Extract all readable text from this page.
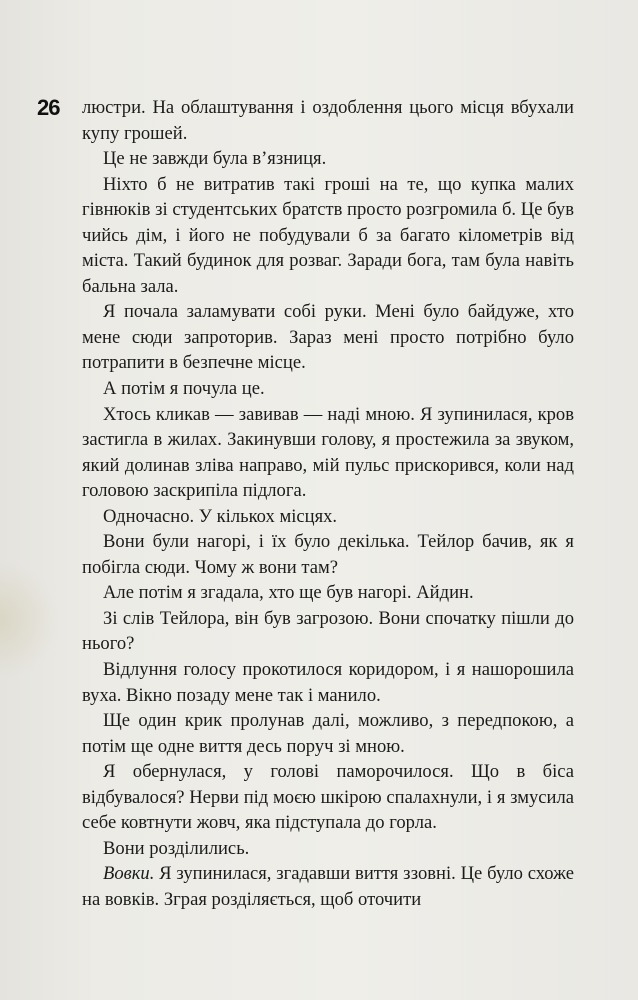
26 люстри. На облаштування і оздоблення цього місця вбухали купу грошей.

Це не завжди була в’язниця.

Ніхто б не витратив такі гроші на те, що купка малих гівнюків зі студентських братств просто розгромила б. Це був чийсь дім, і його не побудували б за багато кілометрів від міста. Такий будинок для розваг. Заради бога, там була навіть бальна зала.

Я почала заламувати собі руки. Мені було байдуже, хто мене сюди запроторив. Зараз мені просто потрібно було потрапити в безпечне місце.

А потім я почула це.

Хтось кликав — завивав — наді мною. Я зупинилася, кров застигла в жилах. Закинувши голову, я простежила за звуком, який долинав зліва направо, мій пульс прискорився, коли над головою заскрипіла підлога.

Одночасно. У кількох місцях.

Вони були нагорі, і їх було декілька. Тейлор бачив, як я побігла сюди. Чому ж вони там?

Але потім я згадала, хто ще був нагорі. Айдин.

Зі слів Тейлора, він був загрозою. Вони спочатку пішли до нього?

Відлуння голосу прокотилося коридором, і я нашорошила вуха. Вікно позаду мене так і манило.

Ще один крик пролунав далі, можливо, з передпокою, а потім ще одне виття десь поруч зі мною.

Я обернулася, у голові паморочилося. Що в біса відбувалося? Нерви під моєю шкірою спалахнули, і я змусила себе ковтнути жовч, яка підступала до горла.

Вони розділились.

Вовки. Я зупинилася, згадавши виття ззовні. Це було схоже на вовків. Зграя розділяється, щоб оточити
